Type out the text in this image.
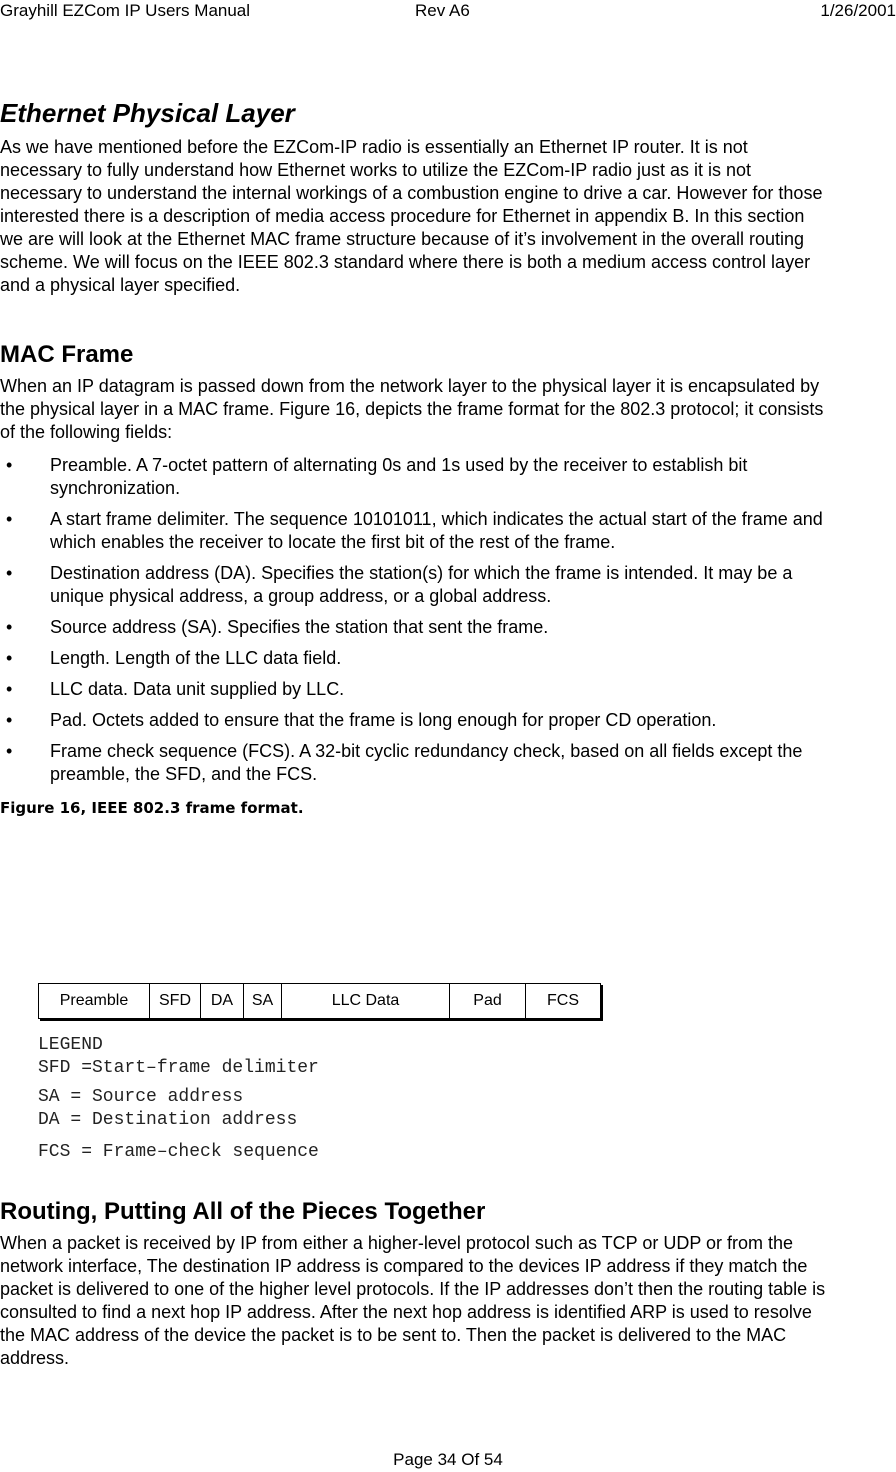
Grayhill EZCom IP Users Manual	Rev A6	1/26/2001
Ethernet Physical Layer

As we have mentioned before the EZCom-IP radio is essentially an Ethernet IP router. It is not necessary to fully understand how Ethernet works to utilize the EZCom-IP radio just as it is not necessary to understand the internal workings of a combustion engine to drive a car. However for those interested there is a description of media access procedure for Ethernet in appendix B. In this section we are will look at the Ethernet MAC frame structure because of it’s involvement in the overall routing scheme. We will focus on the IEEE 802.3 standard where there is both a medium access control layer and a physical layer specified.

MAC Frame

When an IP datagram is passed down from the network layer to the physical layer it is encapsulated by the physical layer in a MAC frame. Figure 16, depicts the frame format for the 802.3 protocol; it consists of the following fields:

• Preamble. A 7-octet pattern of alternating 0s and 1s used by the receiver to establish bit synchronization.
• A start frame delimiter. The sequence 10101011, which indicates the actual start of the frame and which enables the receiver to locate the first bit of the rest of the frame.
• Destination address (DA). Specifies the station(s) for which the frame is intended. It may be a unique physical address, a group address, or a global address.
• Source address (SA). Specifies the station that sent the frame.
• Length. Length of the LLC data field.
• LLC data. Data unit supplied by LLC.
• Pad. Octets added to ensure that the frame is long enough for proper CD operation.
• Frame check sequence (FCS). A 32-bit cyclic redundancy check, based on all fields except the preamble, the SFD, and the FCS.

Figure 16, IEEE 802.3 frame format.

Preamble	SFD	DA	SA	LLC Data	Pad	FCS
LEGEND
SFD =Start–frame delimiter
SA = Source address
DA = Destination address
FCS = Frame–check sequence
Routing, Putting All of the Pieces Together

When a packet is received by IP from either a higher-level protocol such as TCP or UDP or from the network interface, The destination IP address is compared to the devices IP address if they match the packet is delivered to one of the higher level protocols. If the IP addresses don’t then the routing table is consulted to find a next hop IP address. After the next hop address is identified ARP is used to resolve the MAC address of the device the packet is to be sent to. Then the packet is delivered to the MAC address.

Page 34 Of 54
